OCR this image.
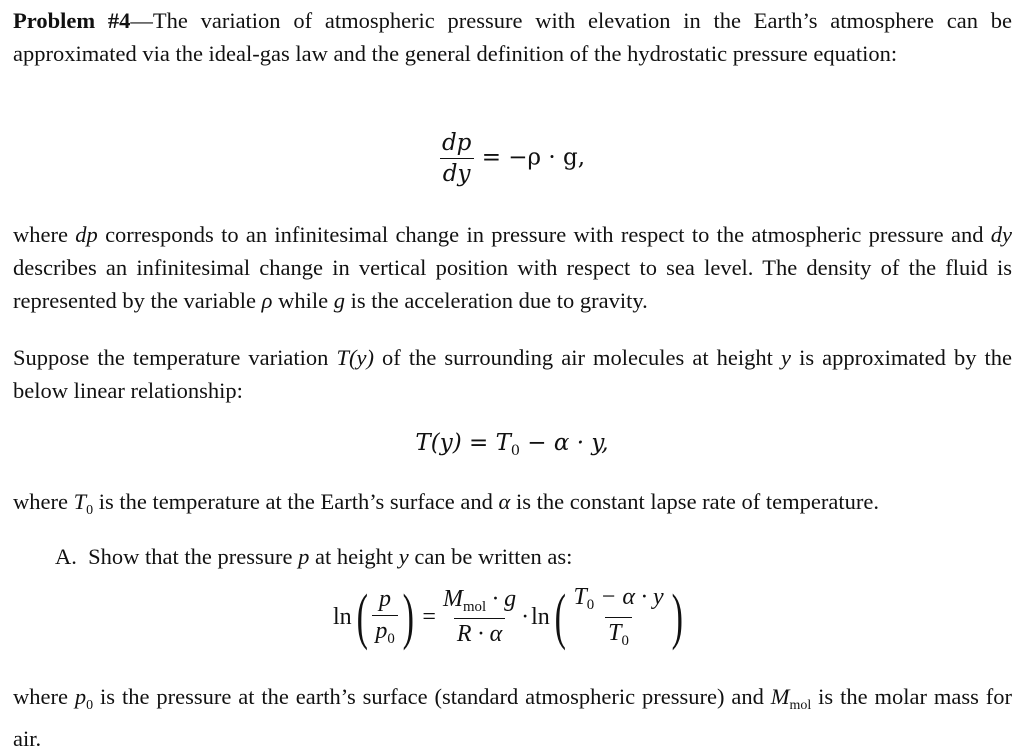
Problem #4—The variation of atmospheric pressure with elevation in the Earth’s atmosphere can be approximated via the ideal-gas law and the general definition of the hydrostatic pressure equation:

$\frac{dp}{dy} = -\rho \cdot g$,

where dp corresponds to an infinitesimal change in pressure with respect to the atmospheric pressure and dy describes an infinitesimal change in vertical position with respect to sea level. The density of the fluid is represented by the variable ρ while g is the acceleration due to gravity.

Suppose the temperature variation T(y) of the surrounding air molecules at height y is approximated by the below linear relationship:

$T(y) = T_0 - \alpha \cdot y$,

where $T_0$ is the temperature at the Earth’s surface and α is the constant lapse rate of temperature.

A. Show that the pressure p at height y can be written as:
ln ( $\frac{p}{p_0}$ ) = $\frac{M_{mol} \cdot g}{R \cdot \alpha} \cdot \ln$ ( $\frac{T_0 - \alpha \cdot y}{T_0}$ )

where $p_0$ is the pressure at the earth’s surface (standard atmospheric pressure) and $M_{mol}$ is the molar mass for air.
